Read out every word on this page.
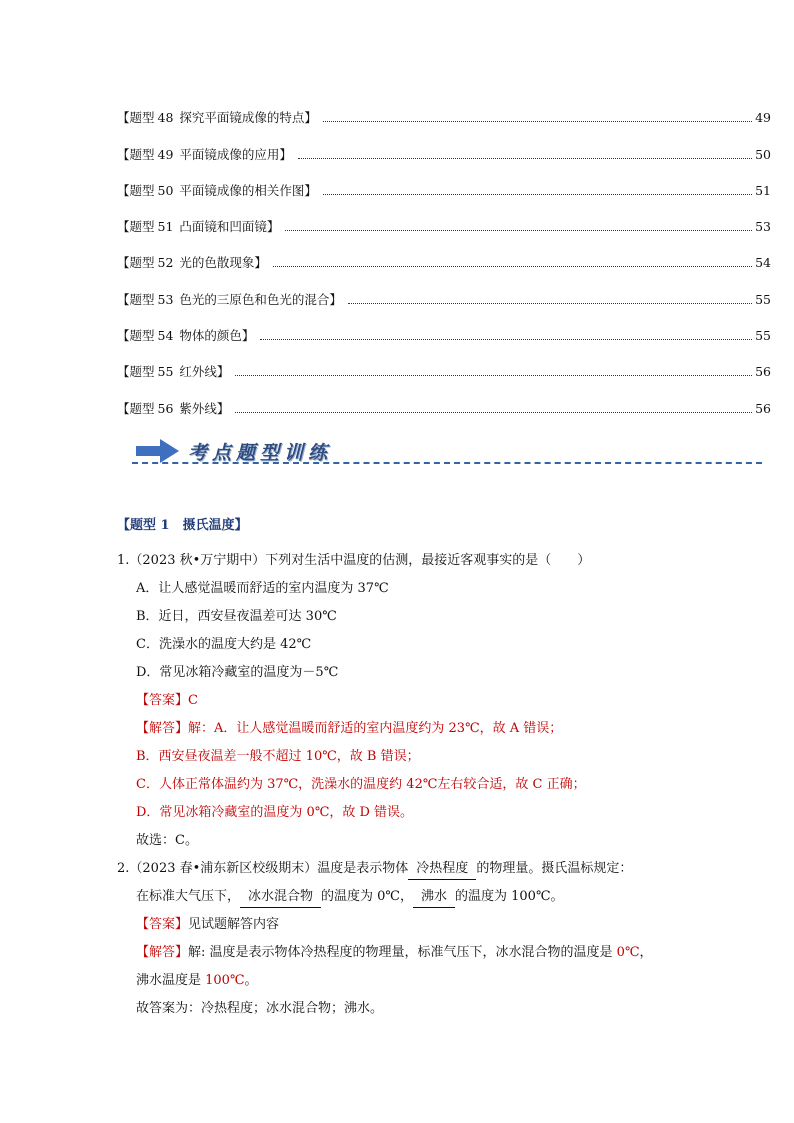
【题型 48 探究平面镜成像的特点】	49
【题型 49 平面镜成像的应用】	50
【题型 50 平面镜成像的相关作图】	51
【题型 51 凸面镜和凹面镜】	53
【题型 52 光的色散现象】	54
【题型 53 色光的三原色和色光的混合】	55
【题型 54 物体的颜色】	55
【题型 55 红外线】	56
【题型 56 紫外线】	56
考点题型训练
【题型 1　摄氏温度】
1.（2023 秋•万宁期中）下列对生活中温度的估测，最接近客观事实的是（　　）
A．让人感觉温暖而舒适的室内温度为 37℃
B．近日，西安昼夜温差可达 30℃
C．洗澡水的温度大约是 42℃
D．常见冰箱冷藏室的温度为－5℃
【答案】C
【解答】解：A．让人感觉温暖而舒适的室内温度约为 23℃，故 A 错误；
B．西安昼夜温差一般不超过 10℃，故 B 错误；
C．人体正常体温约为 37℃，洗澡水的温度约 42℃左右较合适，故 C 正确；
D．常见冰箱冷藏室的温度为 0℃，故 D 错误。
故选：C。
2.（2023 春•浦东新区校级期末）温度是表示物体 冷热程度 的物理量。摄氏温标规定：
在标准大气压下， 冰水混合物 的温度为 0℃， 沸水 的温度为 100℃。
【答案】见试题解答内容
【解答】解: 温度是表示物体冷热程度的物理量，标准气压下，冰水混合物的温度是 0℃，
沸水温度是 100℃。
故答案为：冷热程度；冰水混合物；沸水。
